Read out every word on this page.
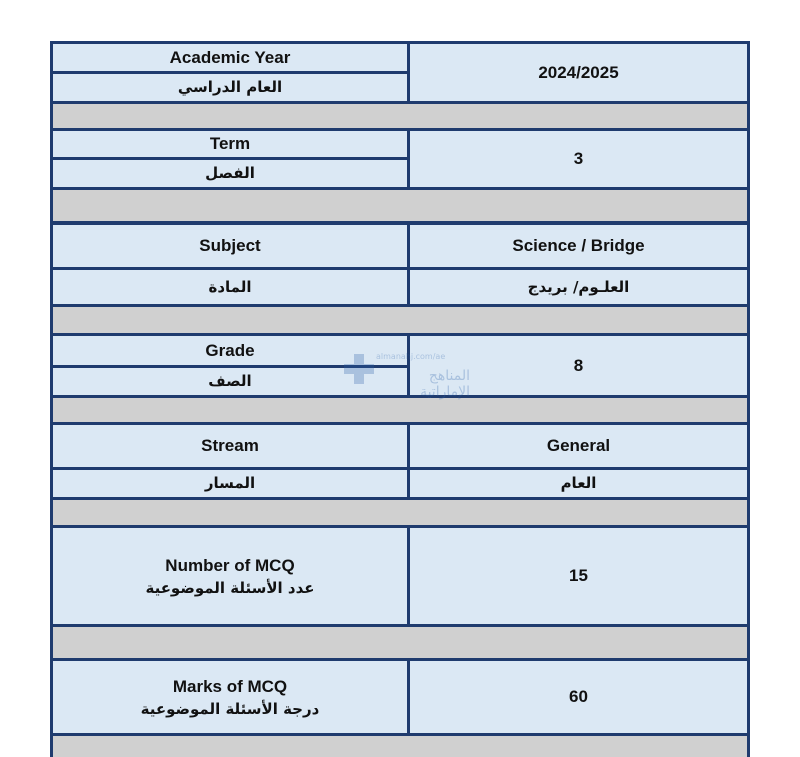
Academic Year
العام الدراسي
2024/2025
Term
الفصل
3
Subject
المادة
Science / Bridge
العلـوم/ بريدج
Grade
الصف
8
Stream
المسار
General
العام
Number of MCQ
عدد الأسئلة الموضوعية
15
Marks of MCQ
درجة الأسئلة الموضوعية
60
almanahj.com/ae
المناهج الإماراتية
